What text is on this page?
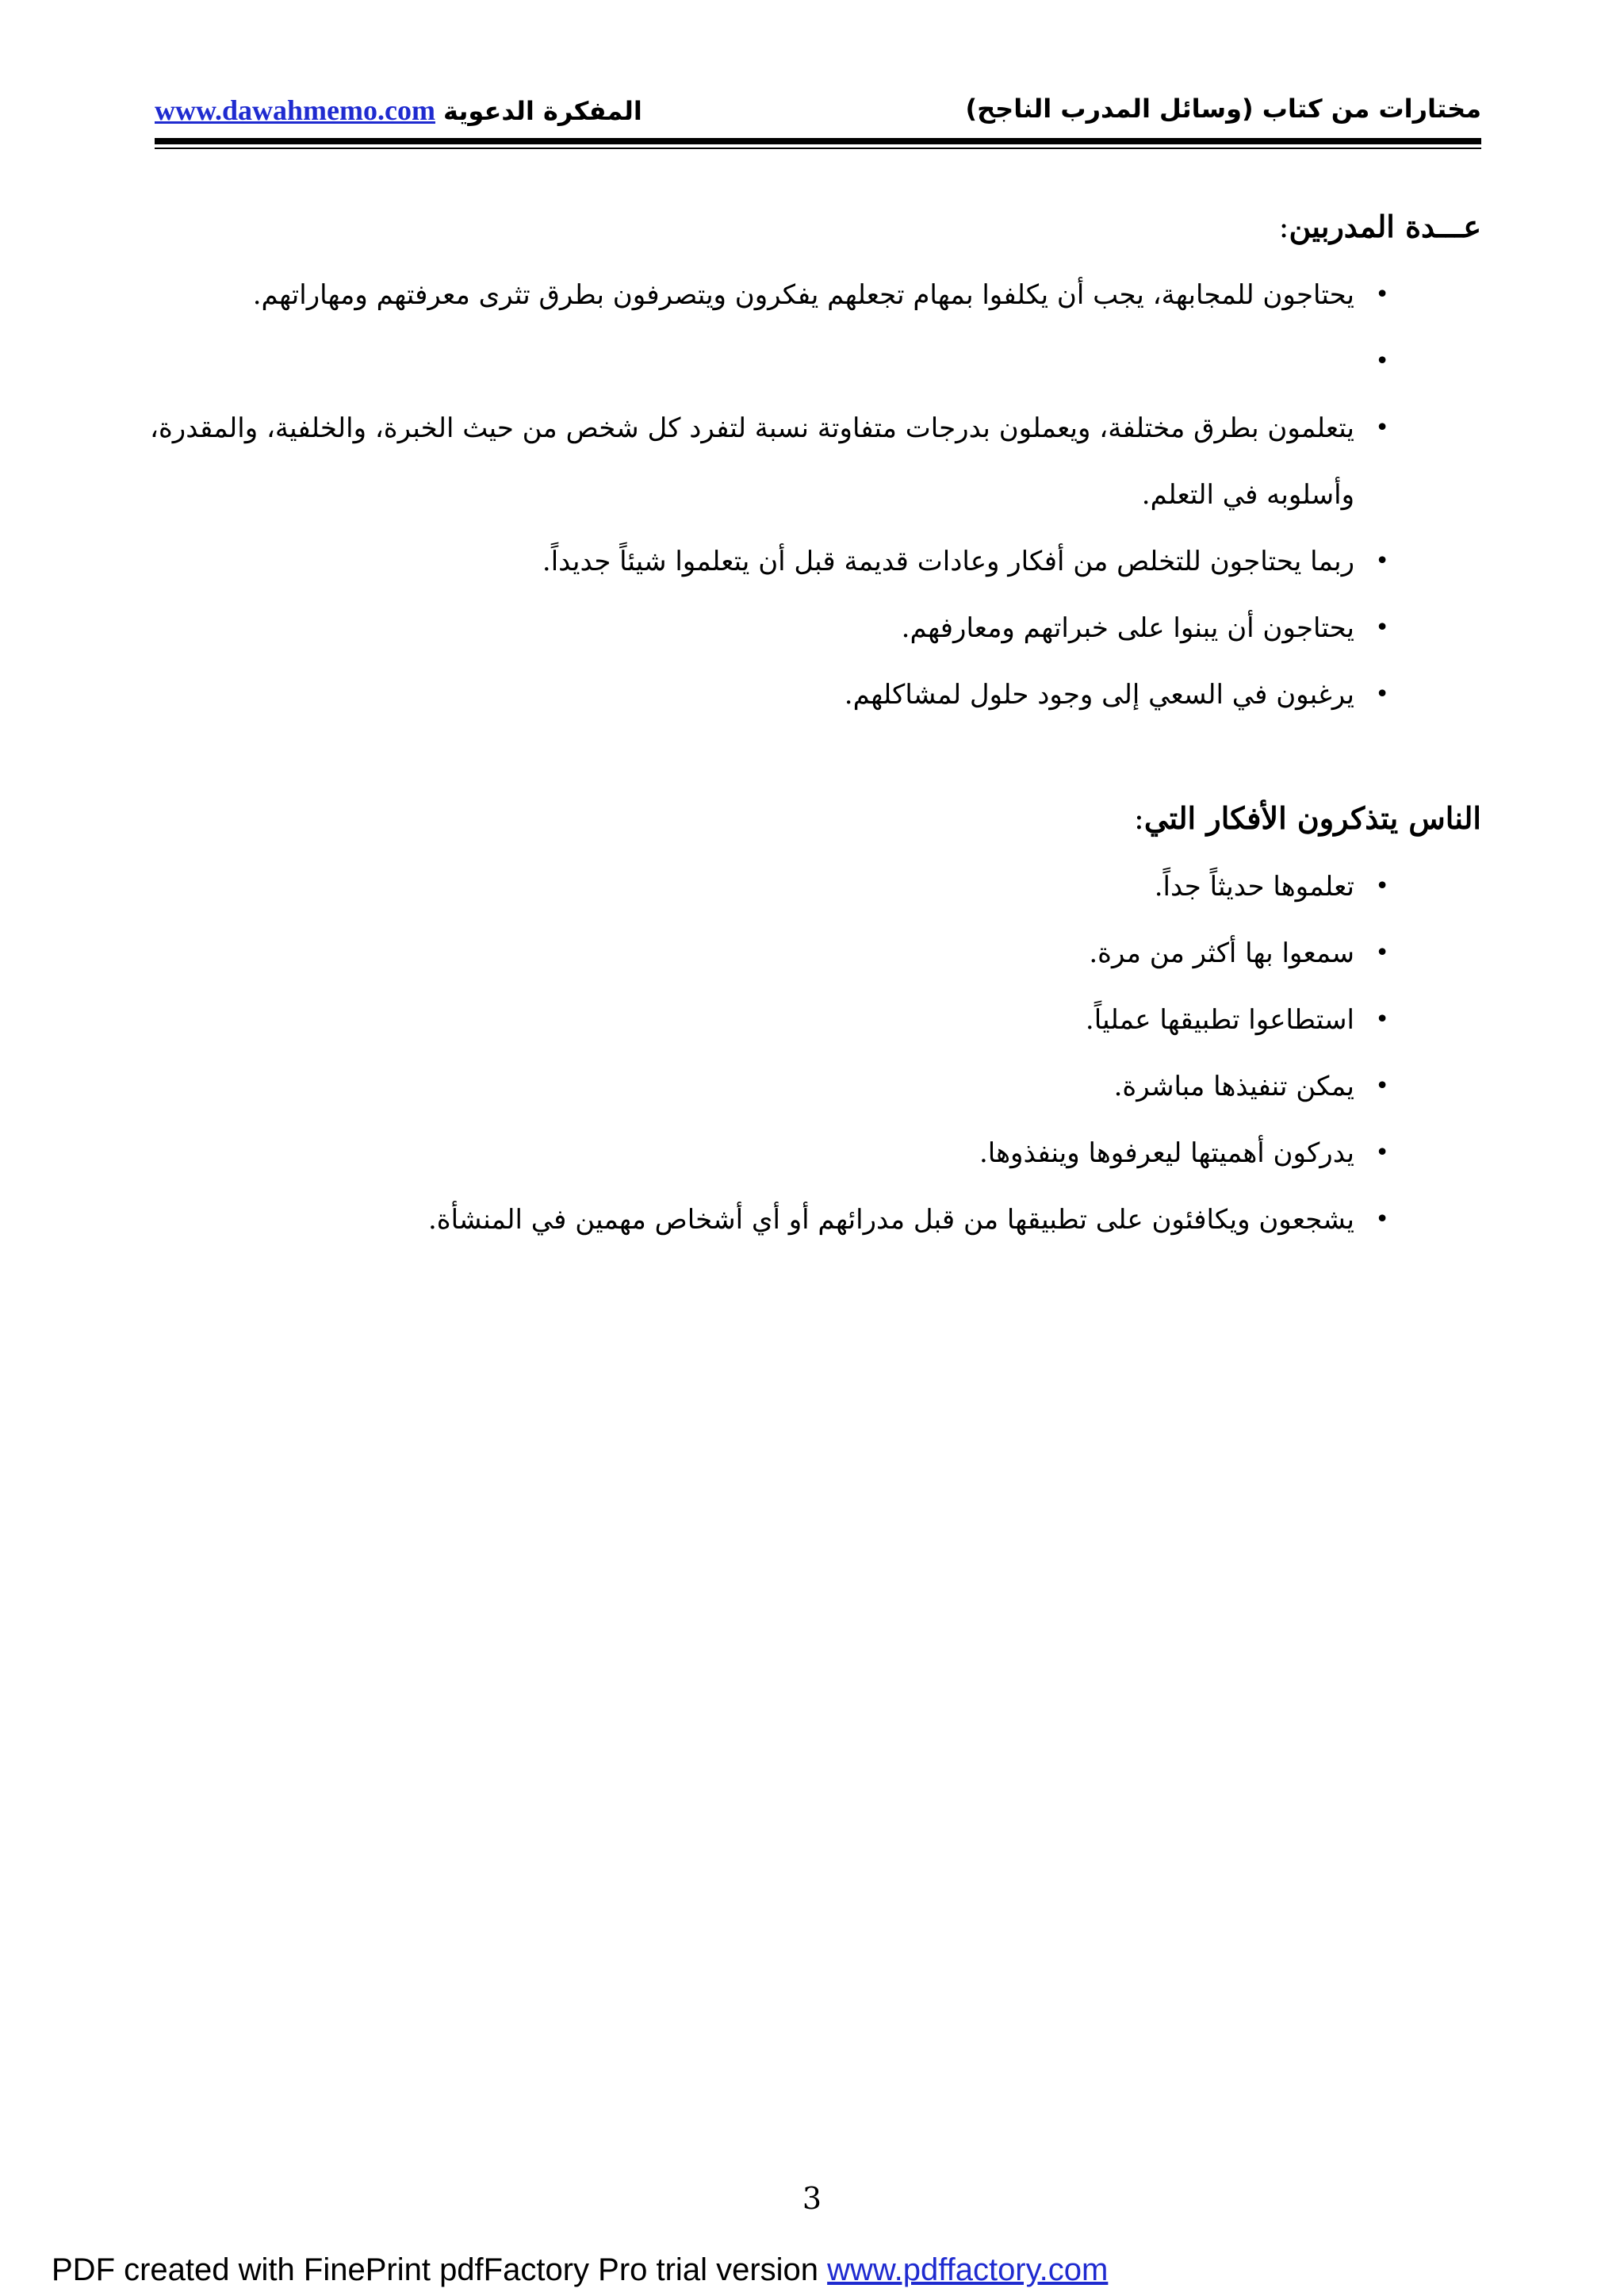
www.dawahmemo.com المفكرة الدعوية	مختارات من كتاب (وسائل المدرب الناجح)
عـــدة المدربين:
•
يحتاجون للمجابهة، يجب أن يكلفوا بمهام تجعلهم يفكرون ويتصرفون بطرق تثرى معرفتهم ومهاراتهم.
•
•
يتعلمون بطرق مختلفة، ويعملون بدرجات متفاوتة نسبة لتفرد كل شخص من حيث الخبرة، والخلفية، والمقدرة، وأسلوبه في التعلم.
•
ربما يحتاجون للتخلص من أفكار وعادات قديمة قبل أن يتعلموا شيئاً جديداً.
•
يحتاجون أن يبنوا على خبراتهم ومعارفهم.
•
يرغبون في السعي إلى وجود حلول لمشاكلهم.
الناس يتذكرون الأفكار التي:
•
تعلموها حديثاً جداً.
•
سمعوا بها أكثر من مرة.
•
استطاعوا تطبيقها عملياً.
•
يمكن تنفيذها مباشرة.
•
يدركون أهميتها ليعرفوها وينفذوها.
•
يشجعون ويكافئون على تطبيقها من قبل مدرائهم أو أي أشخاص مهمين في المنشأة.
3
PDF created with FinePrint pdfFactory Pro trial version www.pdffactory.com
